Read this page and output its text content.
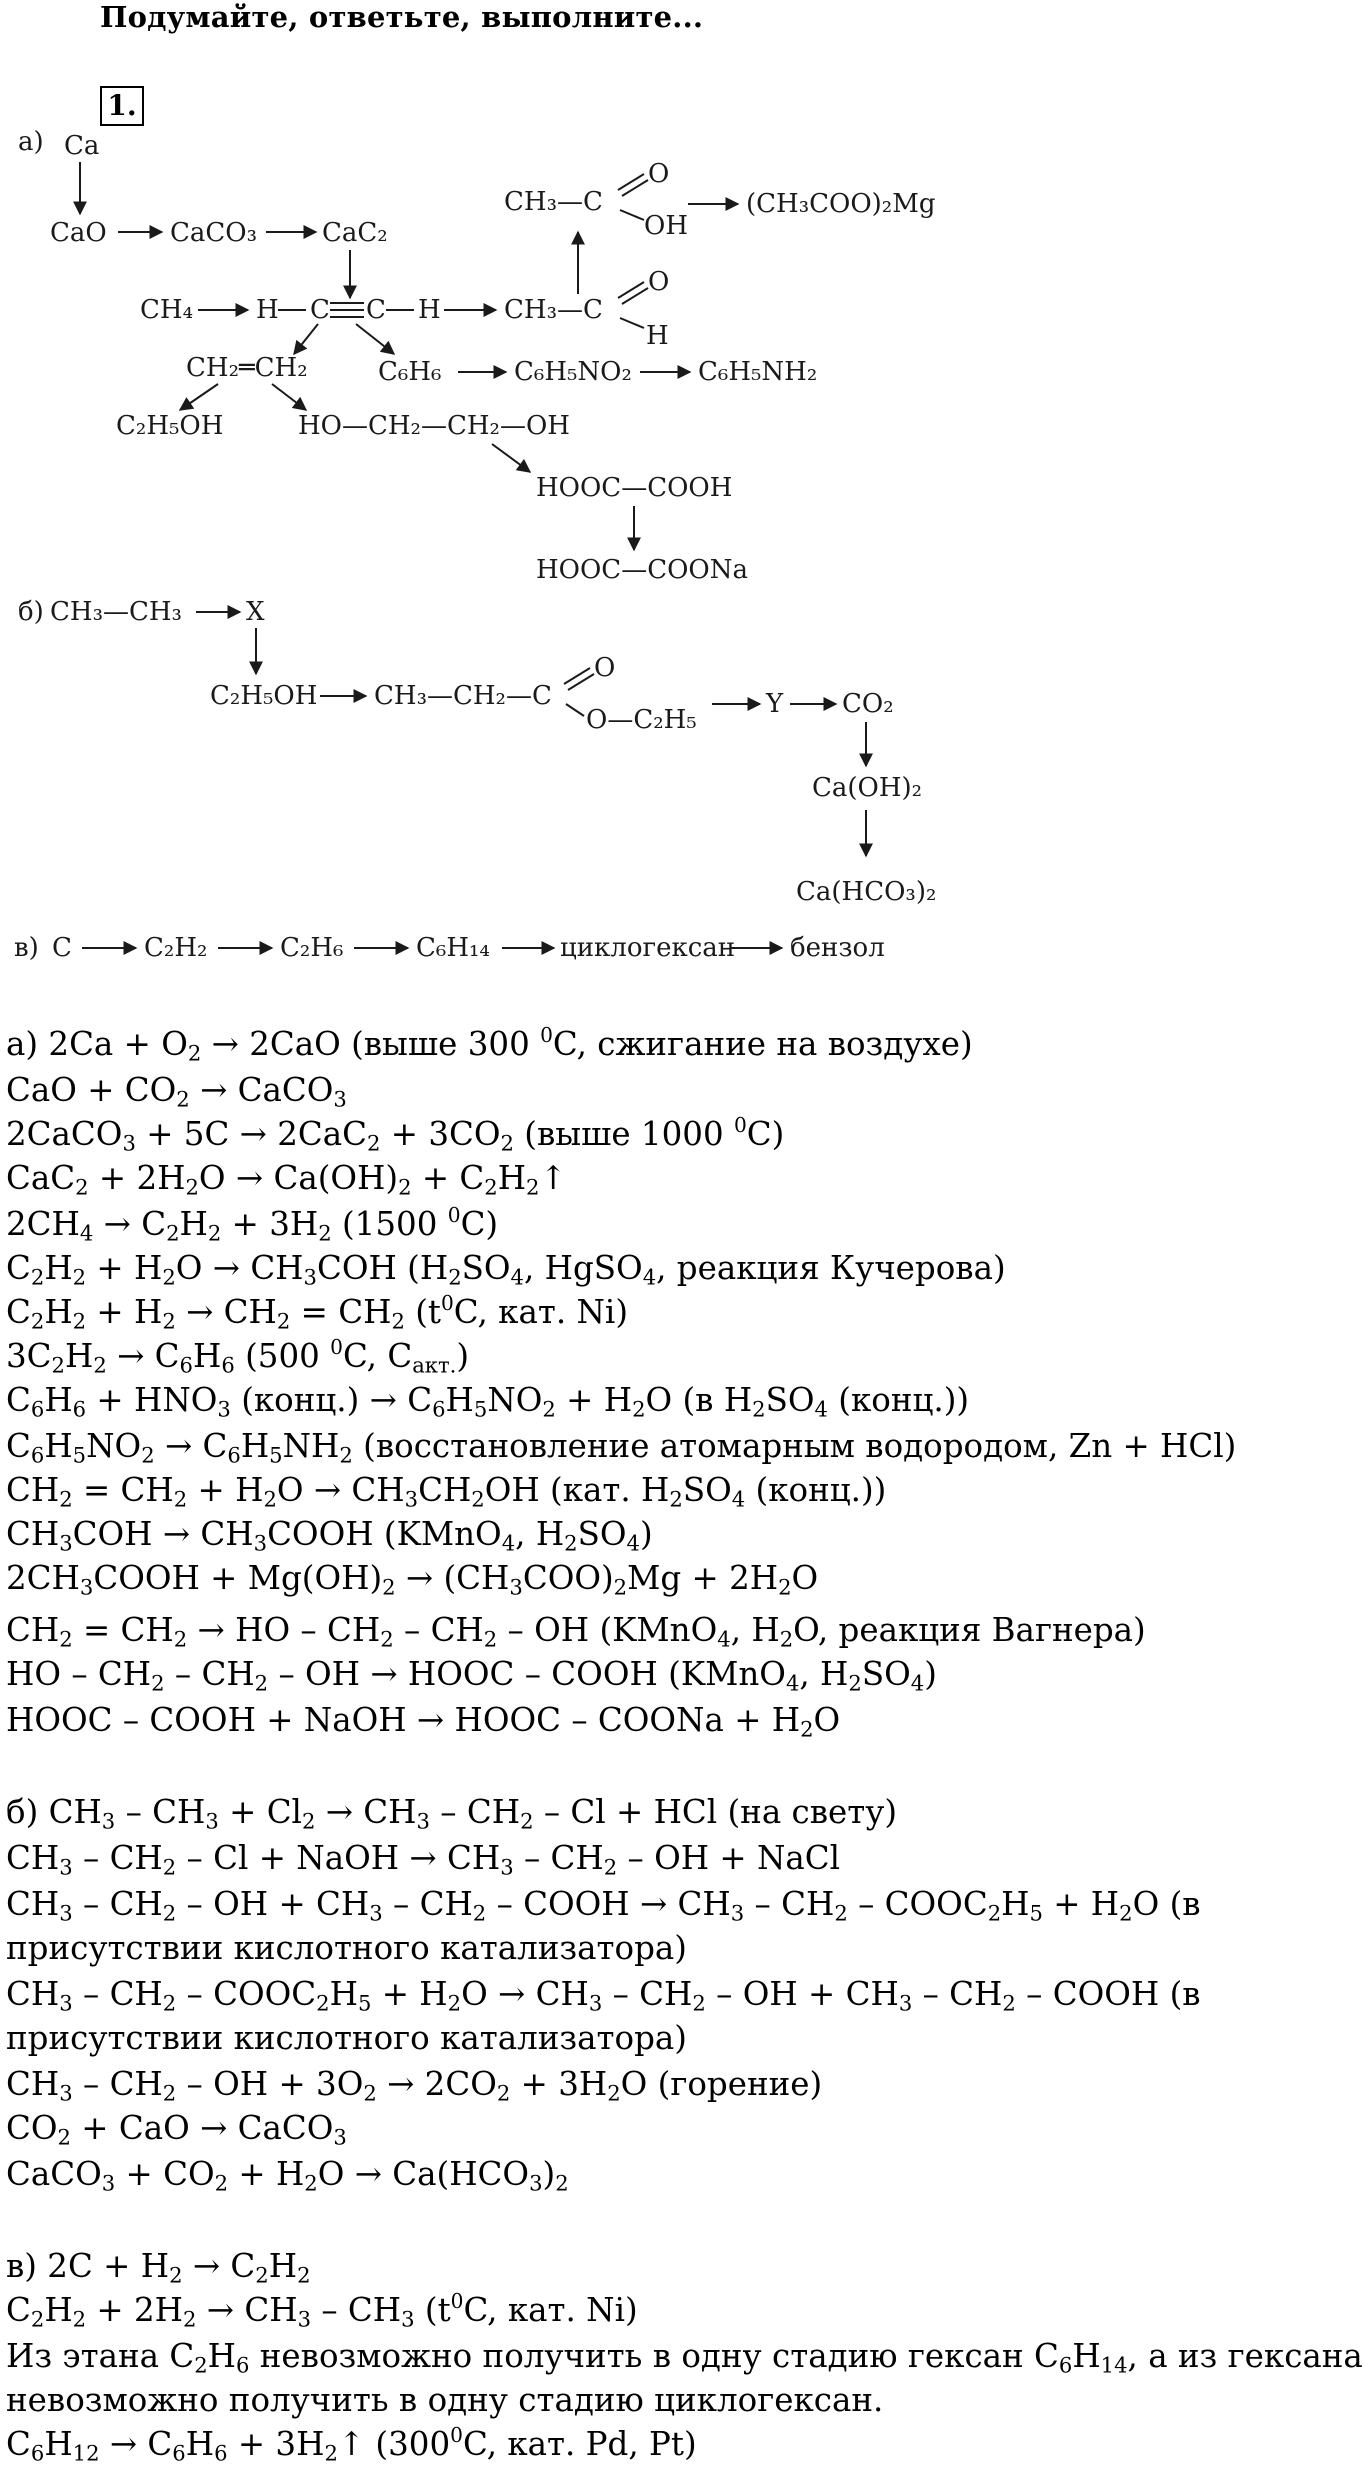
Подумайте, ответьте, выполните...
1.
а) Ca
CaO CaCO₃ CaC₂
CH₄ H C C H CH₃—C
O
H
CH₃—C
O
OH
(CH₃COO)₂Mg
CH₂═CH₂	C₆H₆	C₆H₅NO₂	C₆H₅NH₂
C₂H₅OH	HO—CH₂—CH₂—OH
HOOC—COOH
HOOC—COONa
б) CH₃—CH₃ X
C₂H₅OH CH₃—CH₂—C
O
O—C₂H₅
Y CO₂
Ca(OH)₂
Ca(HCO₃)₂
в) C	C₂H₂	C₂H₆	C₆H₁₄	циклогексан бензол
а) $2Ca + O_2 \to 2CaO$ (выше 300 $^0$C, сжигание на воздухе)
CaO + $CO_2$ → CaCO$_3$
2CaCO$_3$ + $5C \to 2CaC_2 + 3CO_2$ (выше 1000 $^0$C)
$CaC_2 + 2H_2O \to Ca(OH)_2$ + $C_2H_2↑$
$2CH_4 \to C_2H_2 + 3H_2$ (1500 $^0$C)
$C_2H_2 + H_2O \to CH_3COH$ ($H_2SO_4$, HgSO$_4$, реакция Кучерова)
$C_2H_2 + H_2 \to CH_2 = CH_2$ ($t^0C$, кат. Ni)
$3C_2H_2 \to C_6H_6$ (500 $^0$C, $C_{акт.}$)
$C_6H_6 + HNO_3$ (конц.) → $C_6H_5NO_2 + H_2O$ (в $H_2SO_4$ (конц.))
$C_6H_5NO_2 \to C_6H_5NH_2$ (восстановление атомарным водородом, Zn + HCl)
$CH_2 = CH_2 + H_2O \to CH_3CH_2OH$ (кат. $H_2SO_4$ (конц.))
$CH_3COH$ → $CH_3COOH$ (KMnO$_4$, $H_2SO_4$)
$2CH_3COOH + Mg(OH)_2 \to (CH_3COO)_2Mg + 2H_2O$
$CH_2 = CH_2$ → HO – $CH_2 - CH_2$ – OH (KMnO$_4$, $H_2O$, реакция Вагнера)
HO – $CH_2 - CH_2$ – OH → HOOC – COOH (KMnO$_4$, $H_2SO_4$)
HOOC – COOH + NaOH → HOOC – COONa + $H_2O$
б) $CH_3 - CH_3 + Cl_2 \to CH_3 - CH_2 - Cl$ + HCl (на свету)
$CH_3 - CH_2$ – Cl + NaOH → $CH_3 - CH_2$ – OH + NaCl
$CH_3 - CH_2$ – OH + $CH_3 - CH_2$ – COOH → $CH_3 - CH_2$ – $COOC_2H_5 + H_2O$ (в
присутствии кислотного катализатора)
$CH_3 - CH_2$ – $COOC_2H_5 + H_2O \to CH_3 - CH_2$ – OH + $CH_3 - CH_2$ – COOH (в
присутствии кислотного катализатора)
$CH_3 - CH_2$ – OH + $3O_2 \to 2CO_2 + 3H_2O$ (горение)
$CO_2$ + CaO → CaCO$_3$
CaCO$_3$ + $CO_2 + H_2O \to Ca(HCO_3)_2$
в) $2C + H_2 \to C_2H_2$
$C_2H_2 + 2H_2 \to CH_3 - CH_3$ ($t^0C$, кат. Ni)
Из этана $C_2H_6$ невозможно получить в одну стадию гексан $C_6H_{14}$, а из гексана
невозможно получить в одну стадию циклогексан.
$C_6H_{12} \to C_6H_6$ + $3H_2↑$ ($300^0C$, кат. Pd, Pt)
